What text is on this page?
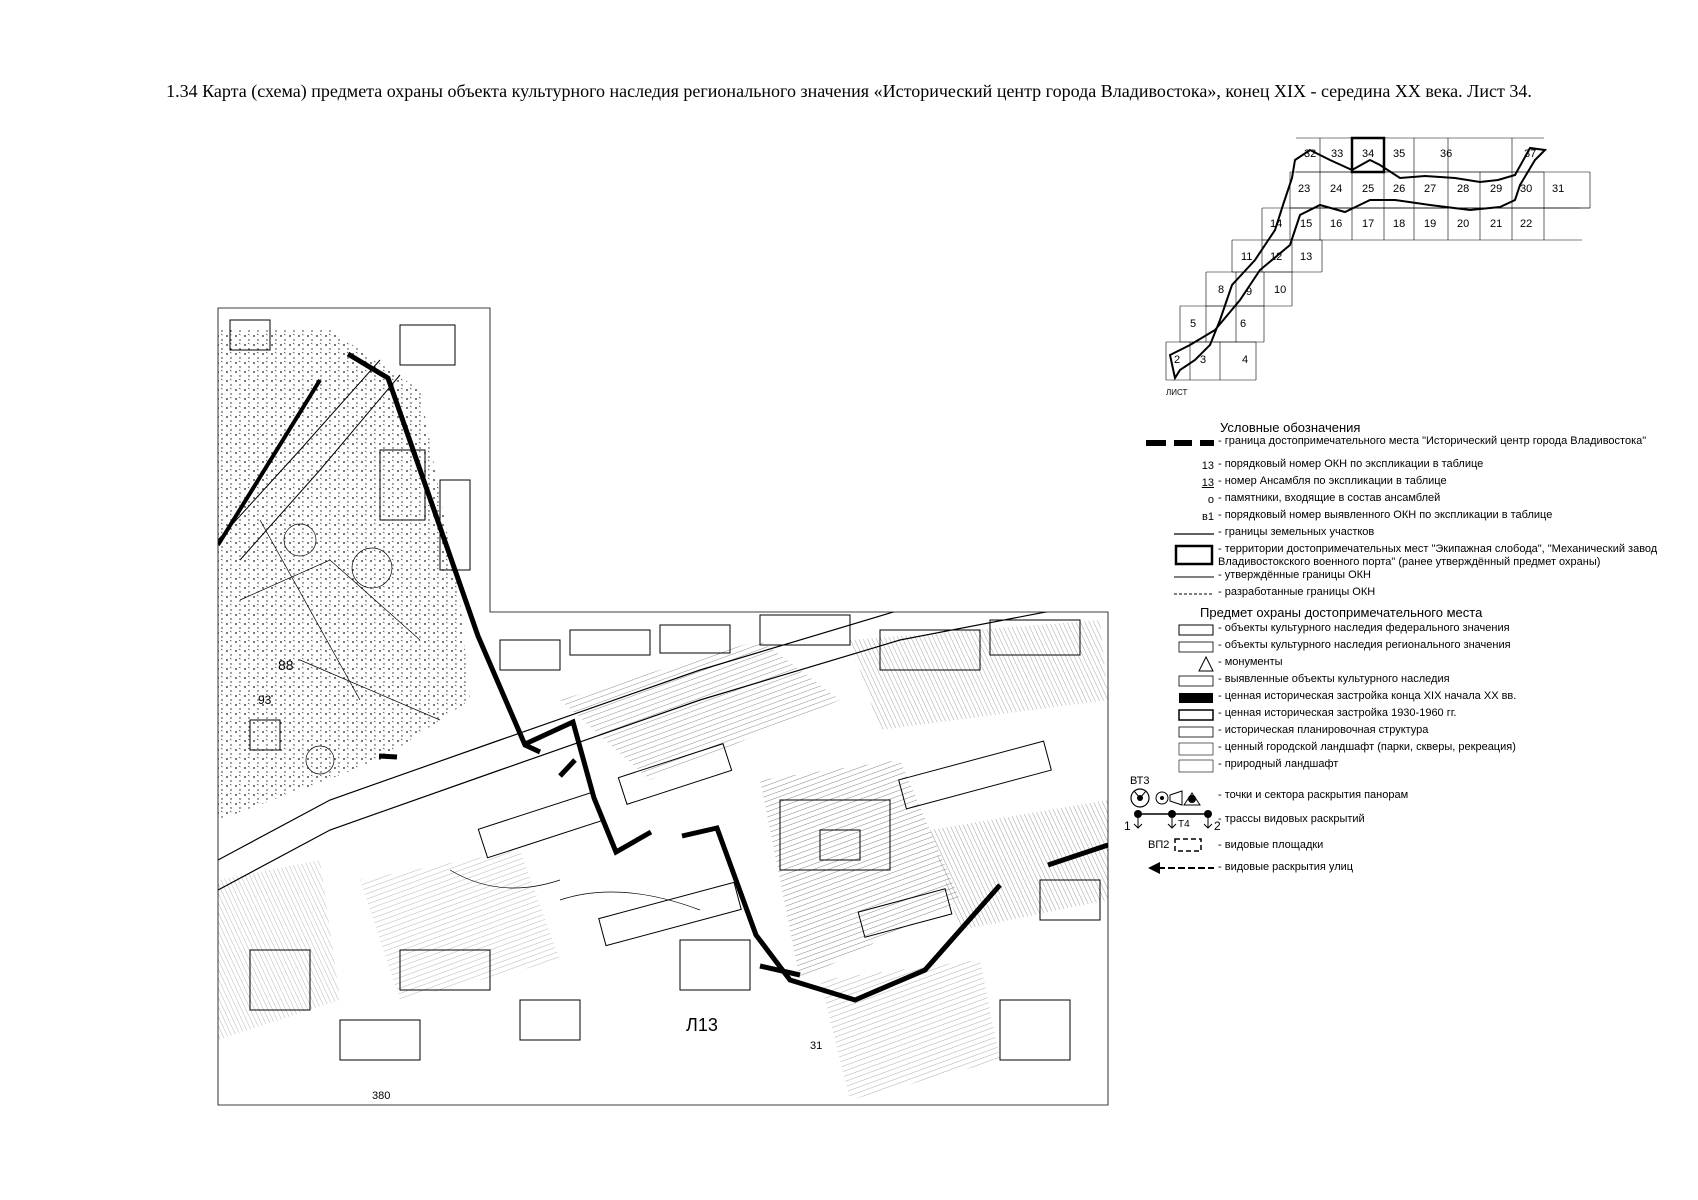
1.34 Карта (схема) предмета охраны объекта культурного наследия регионального значения «Исторический центр города Владивостока», конец XIX - середина XX века. Лист 34.
32 33 34 35	36	37
23 24 25 26 27 28 29 30 31
14 15 16 17 18 19 20 21 22
11 12 13
8 9 10
5	6
2 3	4
ЛИСТ
88
93
Л13
380
31
Условные обозначения
- граница достопримечательного места "Исторический центр города Владивостока"
13 - порядковый номер ОКН по экспликации в таблице
13 - номер Ансамбля по экспликации в таблице
о - памятники, входящие в состав ансамблей
в1 - порядковый номер выявленного ОКН по экспликации в таблице
- границы земельных участков
- территории достопримечательных мест "Экипажная слобода", "Механический завод Владивостокского военного порта" (ранее утверждённый предмет охраны)
- утверждённые границы ОКН
- разработанные границы ОКН
Предмет охраны достопримечательного места
- объекты культурного наследия федерального значения
- объекты культурного наследия регионального значения
- монументы
- выявленные объекты культурного наследия
- ценная историческая застройка конца XIX начала XX вв.
- ценная историческая застройка 1930-1960 гг.
- историческая планировочная структура
- ценный городской ландшафт (парки, скверы, рекреация)
- природный ландшафт
ВТ3
- точки и сектора раскрытия панорам
1	Т4 2
- трассы видовых раскрытий
ВП2	- видовые площадки
- видовые раскрытия улиц
